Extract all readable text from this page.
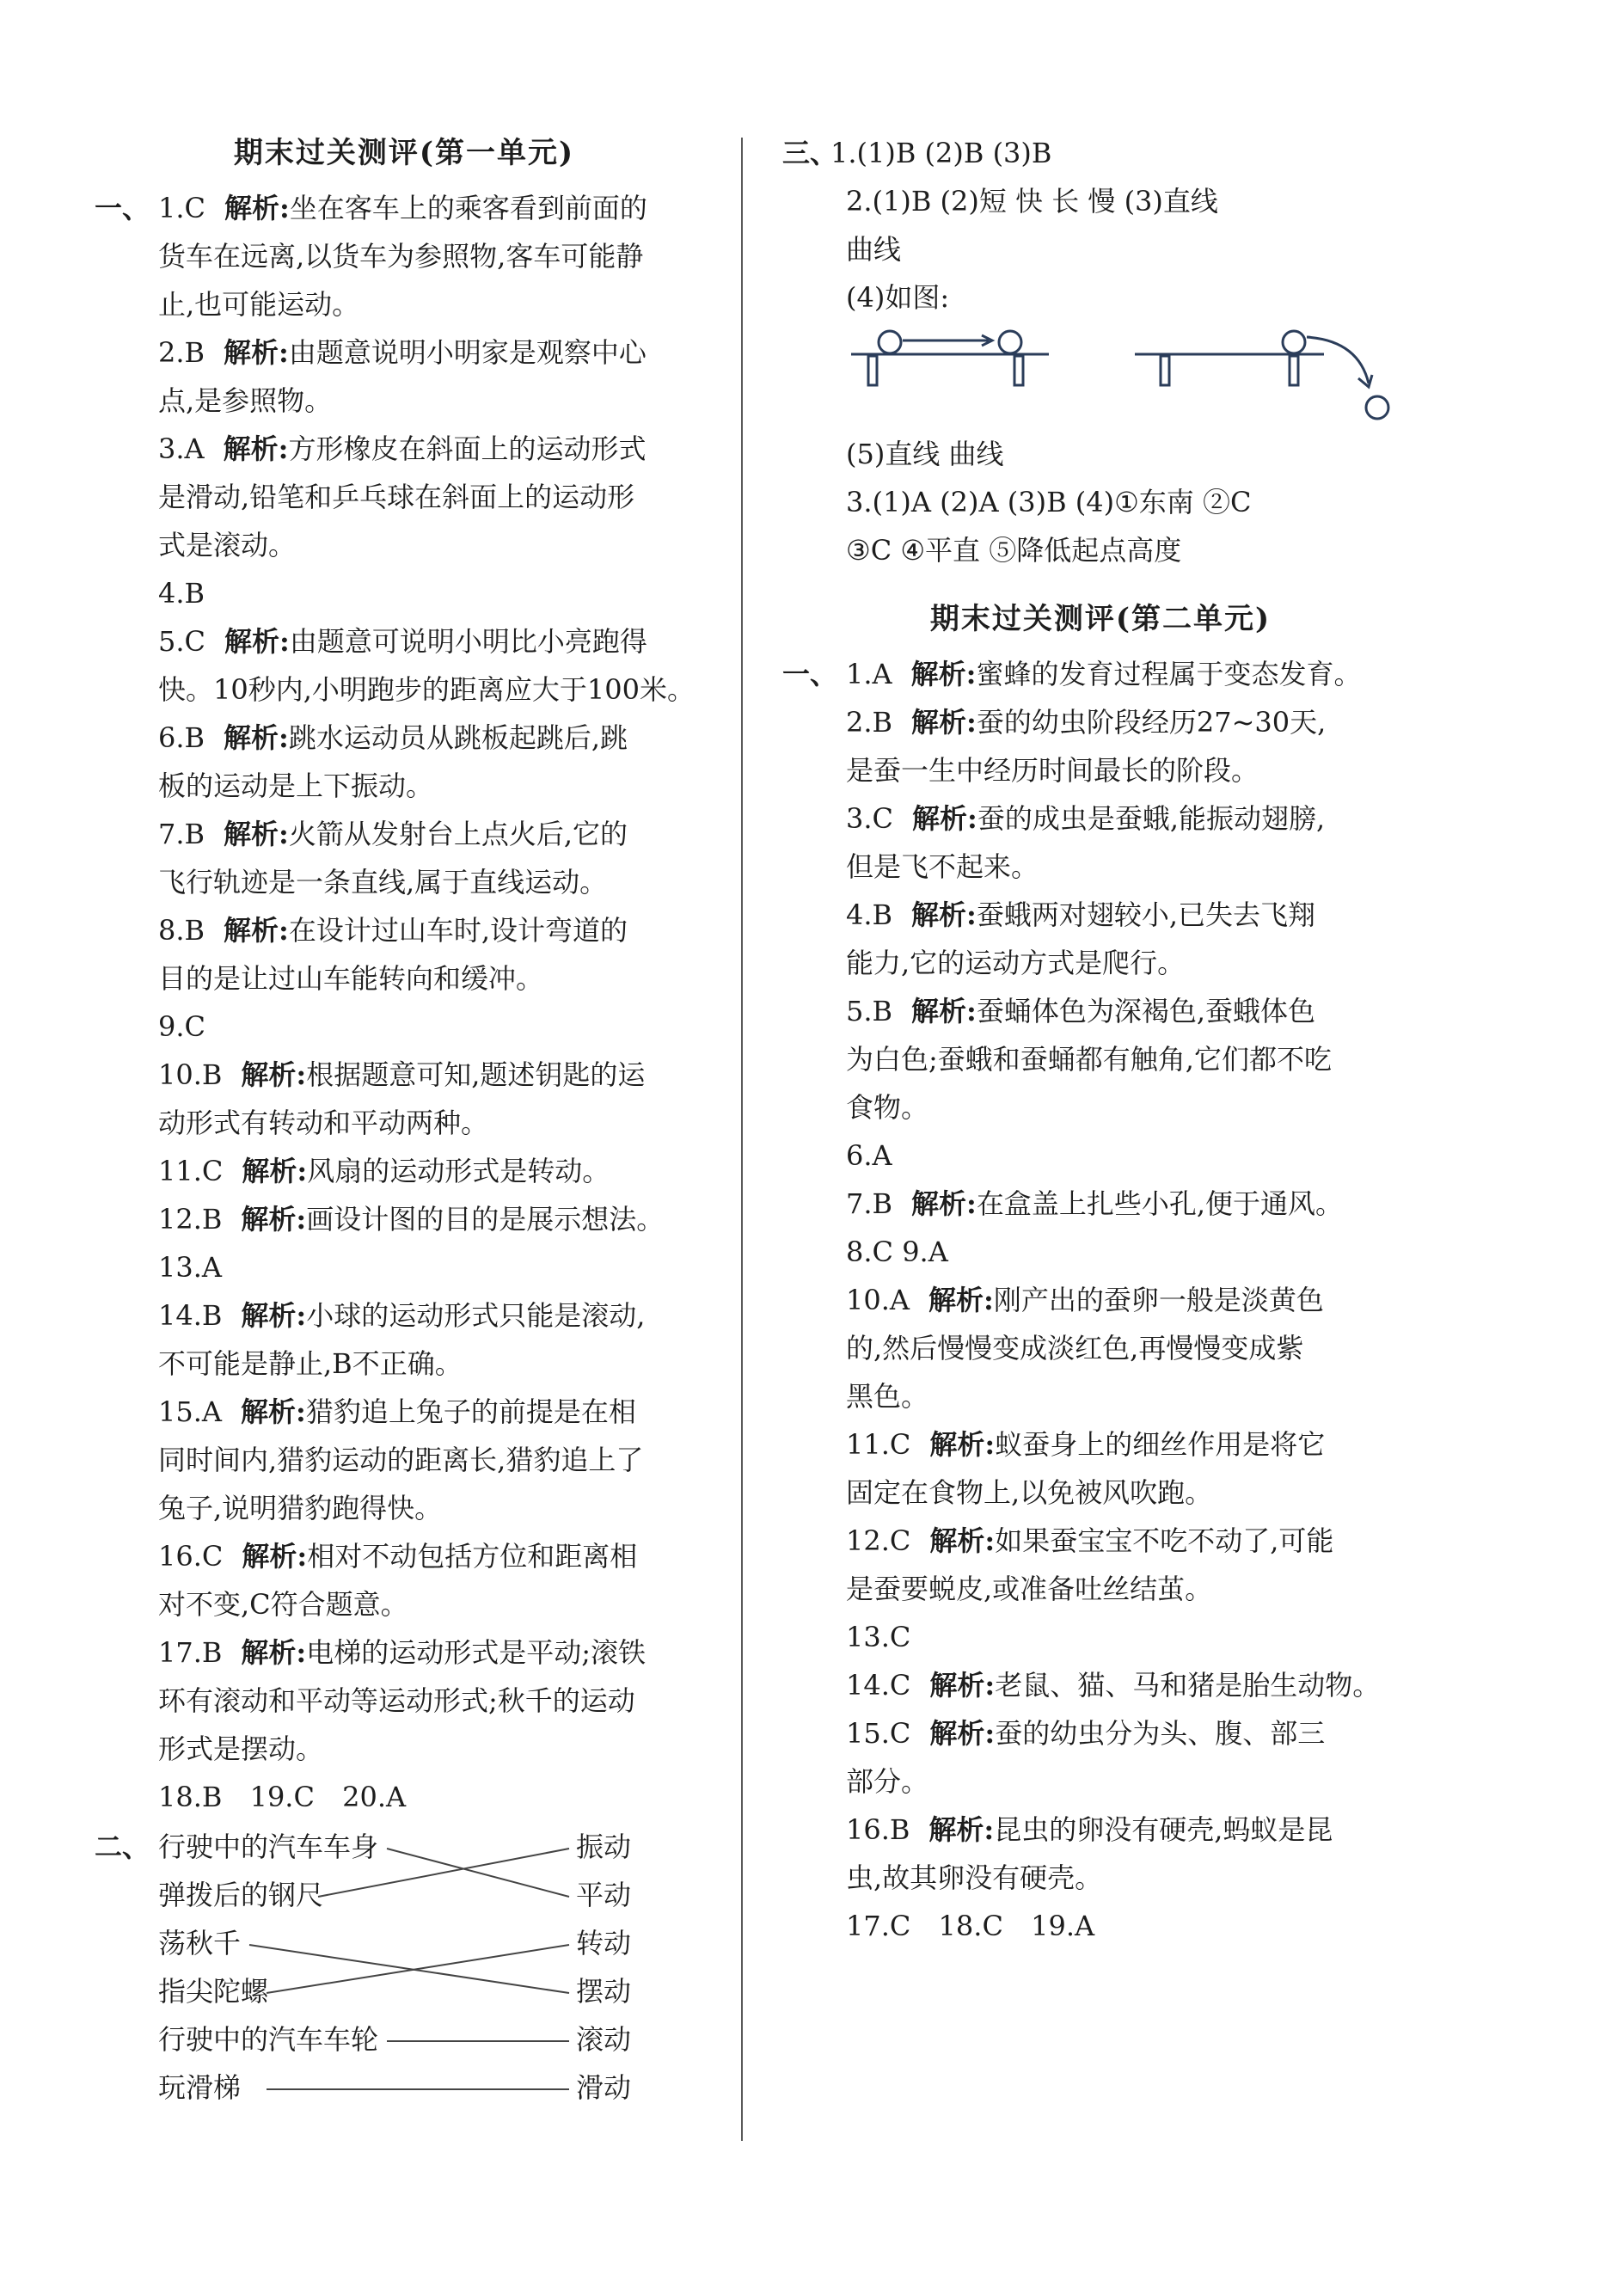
期末过关测评(第一单元)
一、 1.C 解析:坐在客车上的乘客看到前面的
货车在远离,以货车为参照物,客车可能静
止,也可能运动。
2.B 解析:由题意说明小明家是观察中心
点,是参照物。
3.A 解析:方形橡皮在斜面上的运动形式
是滑动,铅笔和乒乓球在斜面上的运动形
式是滚动。
4.B
5.C 解析:由题意可说明小明比小亮跑得
快。10秒内,小明跑步的距离应大于100米。
6.B 解析:跳水运动员从跳板起跳后,跳
板的运动是上下振动。
7.B 解析:火箭从发射台上点火后,它的
飞行轨迹是一条直线,属于直线运动。
8.B 解析:在设计过山车时,设计弯道的
目的是让过山车能转向和缓冲。
9.C
10.B 解析:根据题意可知,题述钥匙的运
动形式有转动和平动两种。
11.C 解析:风扇的运动形式是转动。
12.B 解析:画设计图的目的是展示想法。
13.A
14.B 解析:小球的运动形式只能是滚动,
不可能是静止,B不正确。
15.A 解析:猎豹追上兔子的前提是在相
同时间内,猎豹运动的距离长,猎豹追上了
兔子,说明猎豹跑得快。
16.C 解析:相对不动包括方位和距离相
对不变,C符合题意。
17.B 解析:电梯的运动形式是平动;滚铁
环有滚动和平动等运动形式;秋千的运动
形式是摆动。
18.B 19.C 20.A
二、 行驶中的汽车车身	振动
弹拨后的钢尺	平动
荡秋千	转动
指尖陀螺	摆动
行驶中的汽车车轮	滚动
玩滑梯	滑动
三、1.(1)B (2)B (3)B
2.(1)B (2)短 快 长 慢 (3)直线
曲线
(4)如图:
(5)直线 曲线
3.(1)A (2)A (3)B (4)①东南 ②C
③C ④平直 ⑤降低起点高度
期末过关测评(第二单元)
一、 1.A 解析:蜜蜂的发育过程属于变态发育。
2.B 解析:蚕的幼虫阶段经历27~30天,
是蚕一生中经历时间最长的阶段。
3.C 解析:蚕的成虫是蚕蛾,能振动翅膀,
但是飞不起来。
4.B 解析:蚕蛾两对翅较小,已失去飞翔
能力,它的运动方式是爬行。
5.B 解析:蚕蛹体色为深褐色,蚕蛾体色
为白色;蚕蛾和蚕蛹都有触角,它们都不吃
食物。
6.A
7.B 解析:在盒盖上扎些小孔,便于通风。
8.C 9.A
10.A 解析:刚产出的蚕卵一般是淡黄色
的,然后慢慢变成淡红色,再慢慢变成紫
黑色。
11.C 解析:蚁蚕身上的细丝作用是将它
固定在食物上,以免被风吹跑。
12.C 解析:如果蚕宝宝不吃不动了,可能
是蚕要蜕皮,或准备吐丝结茧。
13.C
14.C 解析:老鼠、猫、马和猪是胎生动物。
15.C 解析:蚕的幼虫分为头、腹、部三
部分。
16.B 解析:昆虫的卵没有硬壳,蚂蚁是昆
虫,故其卵没有硬壳。
17.C 18.C 19.A
